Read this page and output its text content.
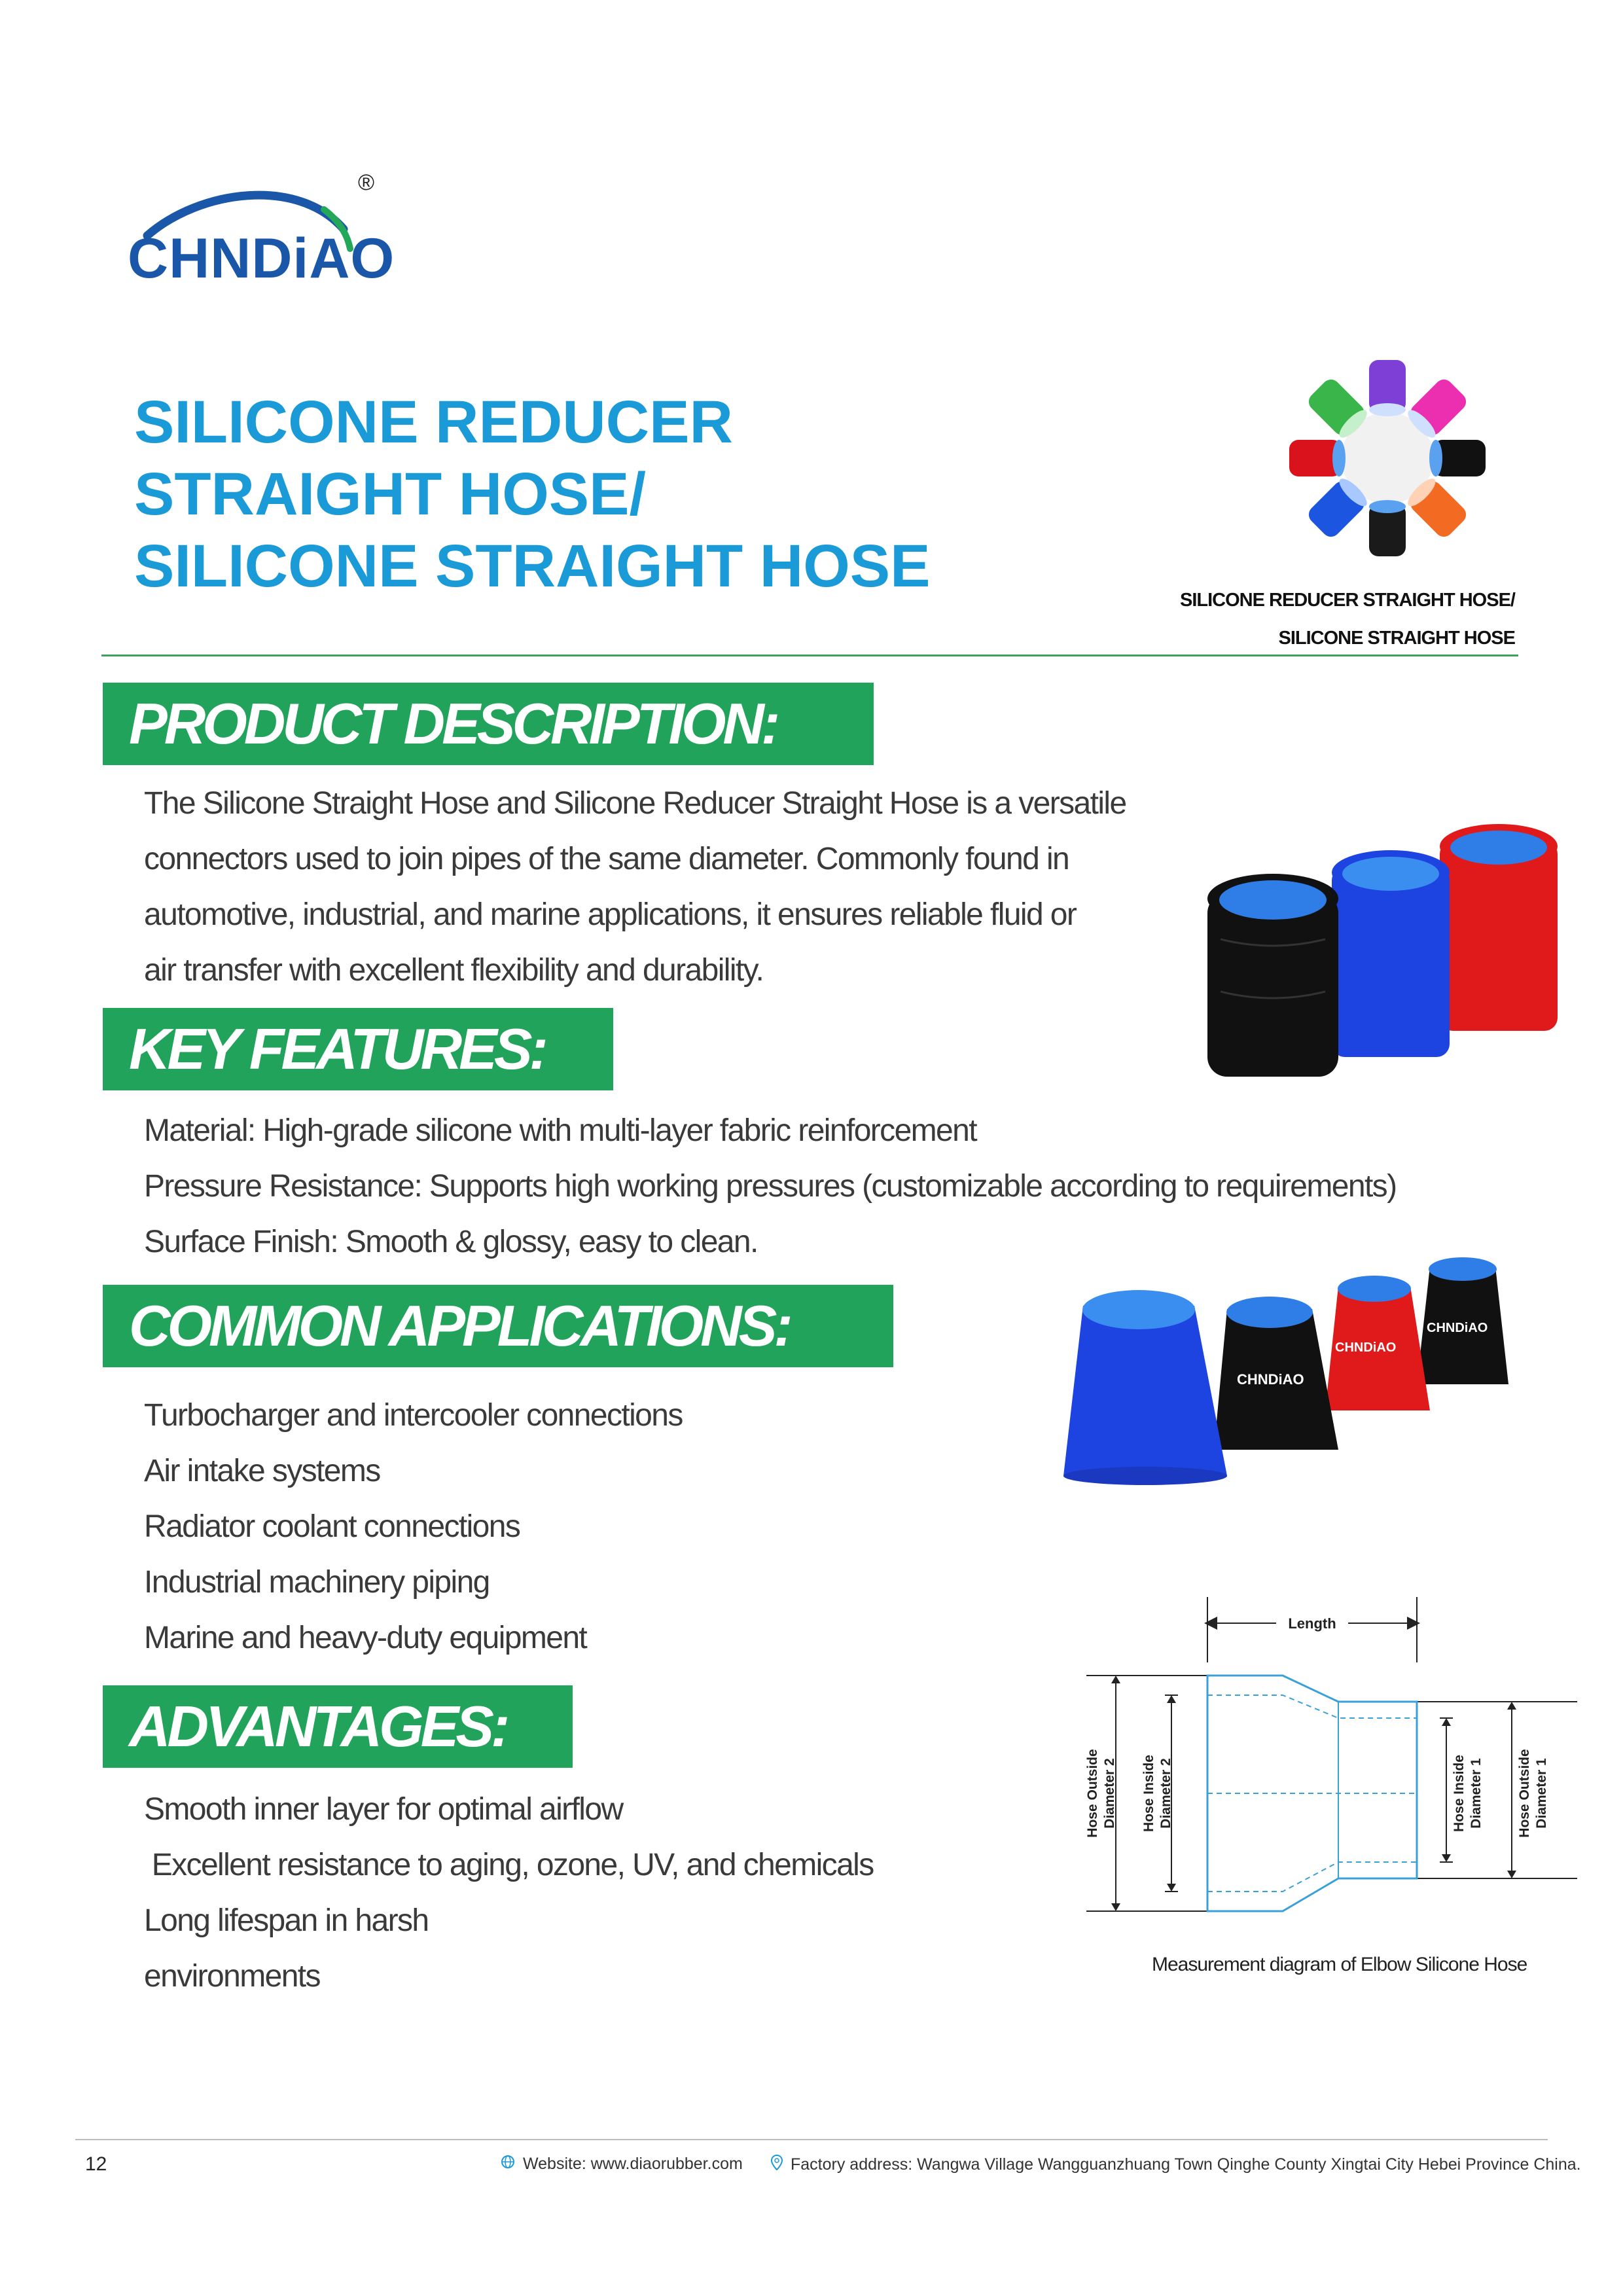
CHNDiAO
®
SILICONE REDUCER
STRAIGHT HOSE/
SILICONE STRAIGHT HOSE
SILICONE REDUCER STRAIGHT HOSE/
SILICONE STRAIGHT HOSE
PRODUCT DESCRIPTION:
The Silicone Straight Hose and Silicone Reducer Straight Hose is a versatile
connectors used to join pipes of the same diameter. Commonly found in
automotive, industrial, and marine applications, it ensures reliable fluid or
air transfer with excellent flexibility and durability.
KEY FEATURES:
Material: High-grade silicone with multi-layer fabric reinforcement
Pressure Resistance: Supports high working pressures (customizable according to requirements)
Surface Finish: Smooth & glossy, easy to clean.
COMMON APPLICATIONS:
Turbocharger and intercooler connections
Air intake systems
Radiator coolant connections
Industrial machinery piping
Marine and heavy-duty equipment
CHNDiAO
CHNDiAO
CHNDiAO
ADVANTAGES:
Smooth inner layer for optimal airflow
Excellent resistance to aging, ozone, UV, and chemicals
Long lifespan in harsh
environments
Length
Hose Outside Diameter 2 Hose Inside Diameter 2	Hose Inside Diameter 1 Hose Outside Diameter 1
Measurement diagram of Elbow Silicone Hose
12	Website: www.diaorubber.com	Factory address: Wangwa Village Wangguanzhuang Town Qinghe County Xingtai City Hebei Province China.
